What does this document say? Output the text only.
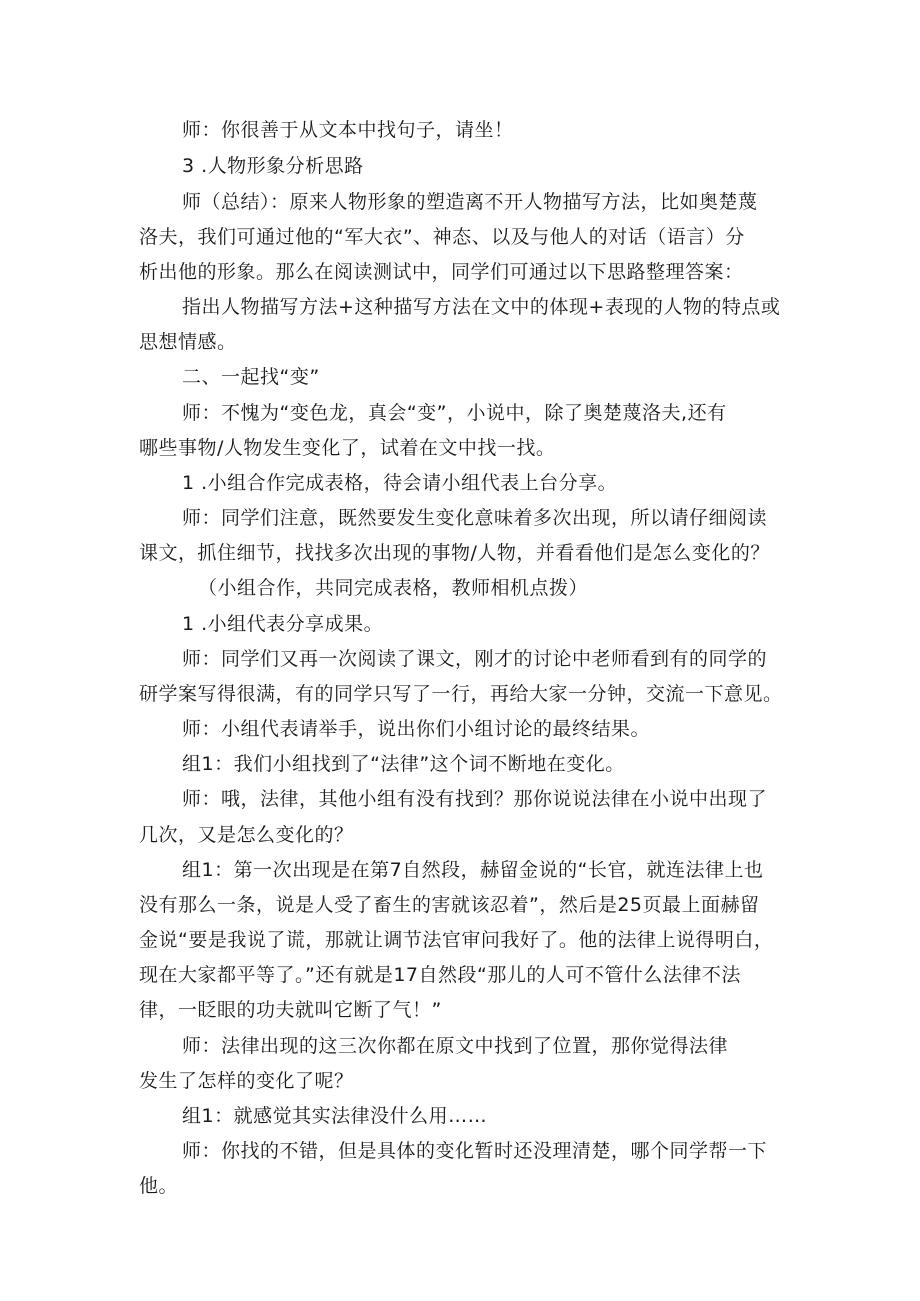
师：你很善于从文本中找句子，请坐！
3 .人物形象分析思路
师（总结）：原来人物形象的塑造离不开人物描写方法，比如奥楚蔑
洛夫，我们可通过他的“军大衣”、神态、以及与他人的对话（语言）分
析出他的形象。那么在阅读测试中，同学们可通过以下思路整理答案：
指出人物描写方法+这种描写方法在文中的体现+表现的人物的特点或
思想情感。
二、一起找“变”
师：不愧为“变色龙，真会“变”，小说中，除了奥楚蔑洛夫,还有
哪些事物/人物发生变化了，试着在文中找一找。
1 .小组合作完成表格，待会请小组代表上台分享。
师：同学们注意，既然要发生变化意味着多次出现，所以请仔细阅读
课文，抓住细节，找找多次出现的事物/人物，并看看他们是怎么变化的？
（小组合作，共同完成表格，教师相机点拨）
1 .小组代表分享成果。
师：同学们又再一次阅读了课文，刚才的讨论中老师看到有的同学的
研学案写得很满，有的同学只写了一行，再给大家一分钟，交流一下意见。
师：小组代表请举手，说出你们小组讨论的最终结果。
组1：我们小组找到了“法律”这个词不断地在变化。
师：哦，法律，其他小组有没有找到？那你说说法律在小说中出现了
几次，又是怎么变化的？
组1：第一次出现是在第7自然段，赫留金说的“长官，就连法律上也
没有那么一条，说是人受了畜生的害就该忍着”，然后是25页最上面赫留
金说“要是我说了谎，那就让调节法官审问我好了。他的法律上说得明白，
现在大家都平等了。”还有就是17自然段“那儿的人可不管什么法律不法
律，一眨眼的功夫就叫它断了气！”
师：法律出现的这三次你都在原文中找到了位置，那你觉得法律
发生了怎样的变化了呢？
组1：就感觉其实法律没什么用……
师：你找的不错，但是具体的变化暂时还没理清楚，哪个同学帮一下
他。
